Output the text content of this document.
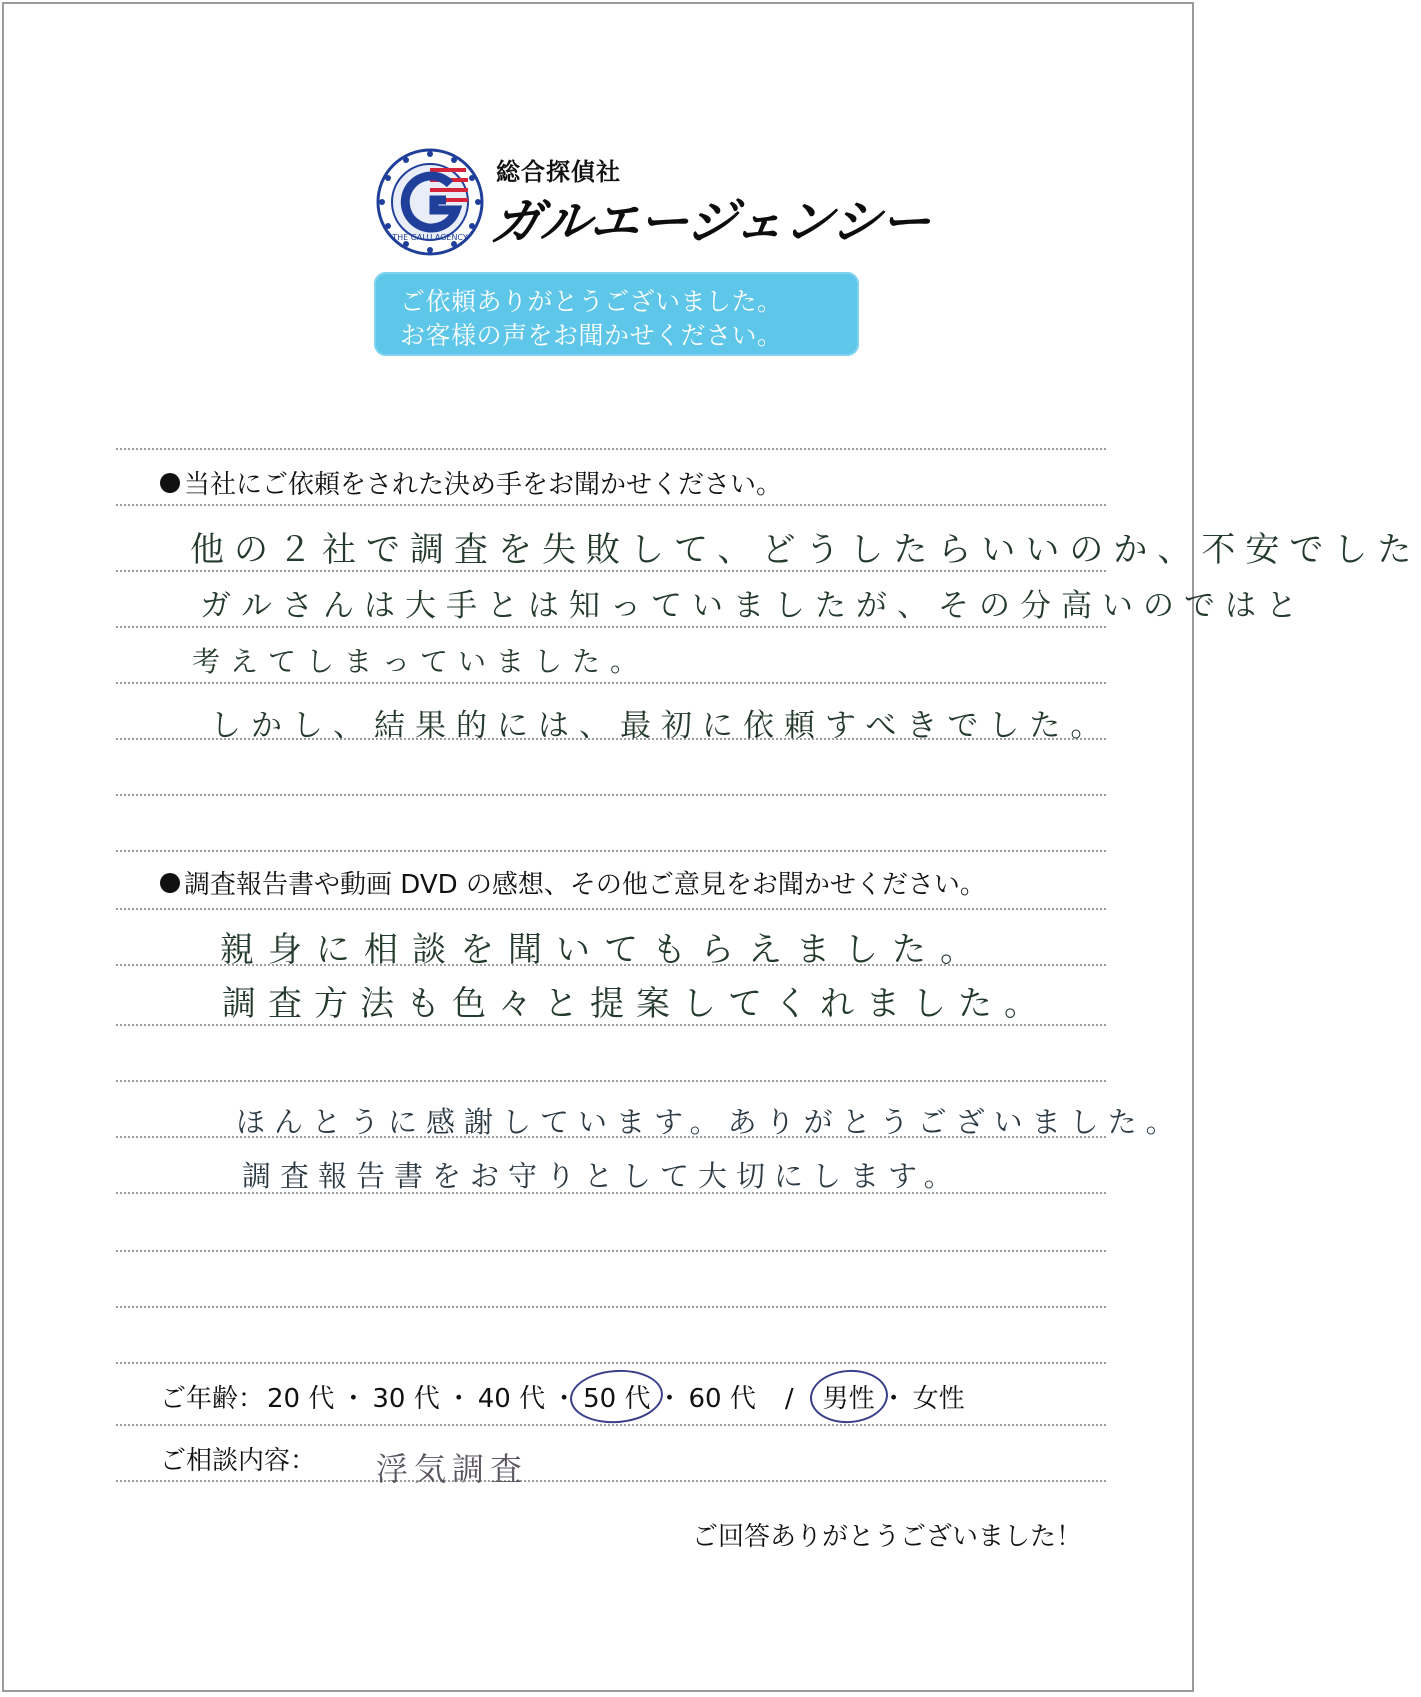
THE GALU AGENCY
総合探偵社
ガルエージェンシー
ご依頼ありがとうございました。
お客様の声をお聞かせください。
当社にご依頼をされた決め手をお聞かせください。
他の２社で調査を失敗して、どうしたらいいのか、不安でした
ガルさんは大手とは知っていましたが、その分高いのではと
考えてしまっていました。
しかし、結果的には、最初に依頼すべきでした。
調査報告書や動画 DVD の感想、その他ご意見をお聞かせください。
親身に相談を聞いてもらえました。
調査方法も色々と提案してくれました。
ほんとうに感謝しています。ありがとうございました。
調査報告書をお守りとして大切にします。
ご年齢： 20 代 ・ 30 代 ・ 40 代 ・ 50 代 ・ 60 代 / 男性 ・ 女性
ご相談内容： 浮気調査
ご回答ありがとうございました！
